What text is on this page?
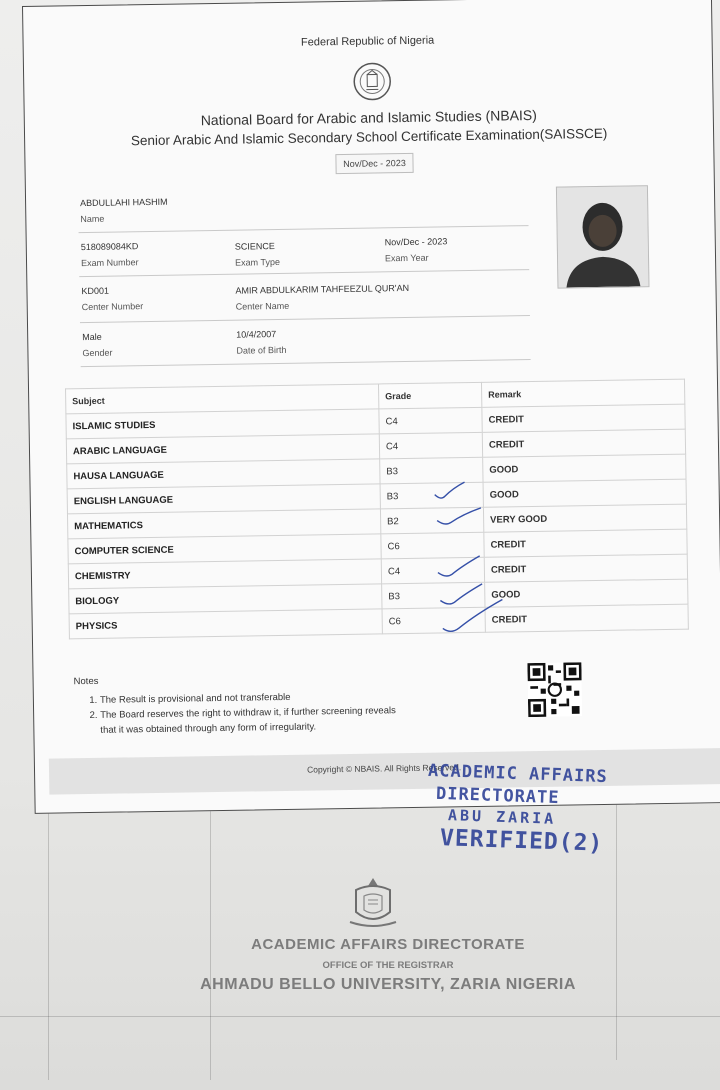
Federal Republic of Nigeria
National Board for Arabic and Islamic Studies (NBAIS)
Senior Arabic And Islamic Secondary School Certificate Examination(SAISSCE)
Nov/Dec - 2023
ABDULLAHI HASHIM
Name
518089084KD
Exam Number
SCIENCE
Exam Type
Nov/Dec - 2023
Exam Year
KD001
Center Number
AMIR ABDULKARIM TAHFEEZUL QUR'AN
Center Name
Male
Gender
10/4/2007
Date of Birth
Subject	Grade	Remark
ISLAMIC STUDIES	C4	CREDIT
ARABIC LANGUAGE	C4	CREDIT
HAUSA LANGUAGE	B3	GOOD
ENGLISH LANGUAGE	B3	GOOD
MATHEMATICS	B2	VERY GOOD
COMPUTER SCIENCE	C6	CREDIT
CHEMISTRY	C4	CREDIT
BIOLOGY	B3	GOOD
PHYSICS	C6	CREDIT
Notes
1. The Result is provisional and not transferable
2. The Board reserves the right to withdraw it, if further screening reveals that it was obtained through any form of irregularity.
Copyright © NBAIS. All Rights Reserved.
ACADEMIC AFFAIRS
DIRECTORATE
ABU ZARIA
VERIFIED(2)
ACADEMIC AFFAIRS DIRECTORATE
OFFICE OF THE REGISTRAR
AHMADU BELLO UNIVERSITY, ZARIA NIGERIA
